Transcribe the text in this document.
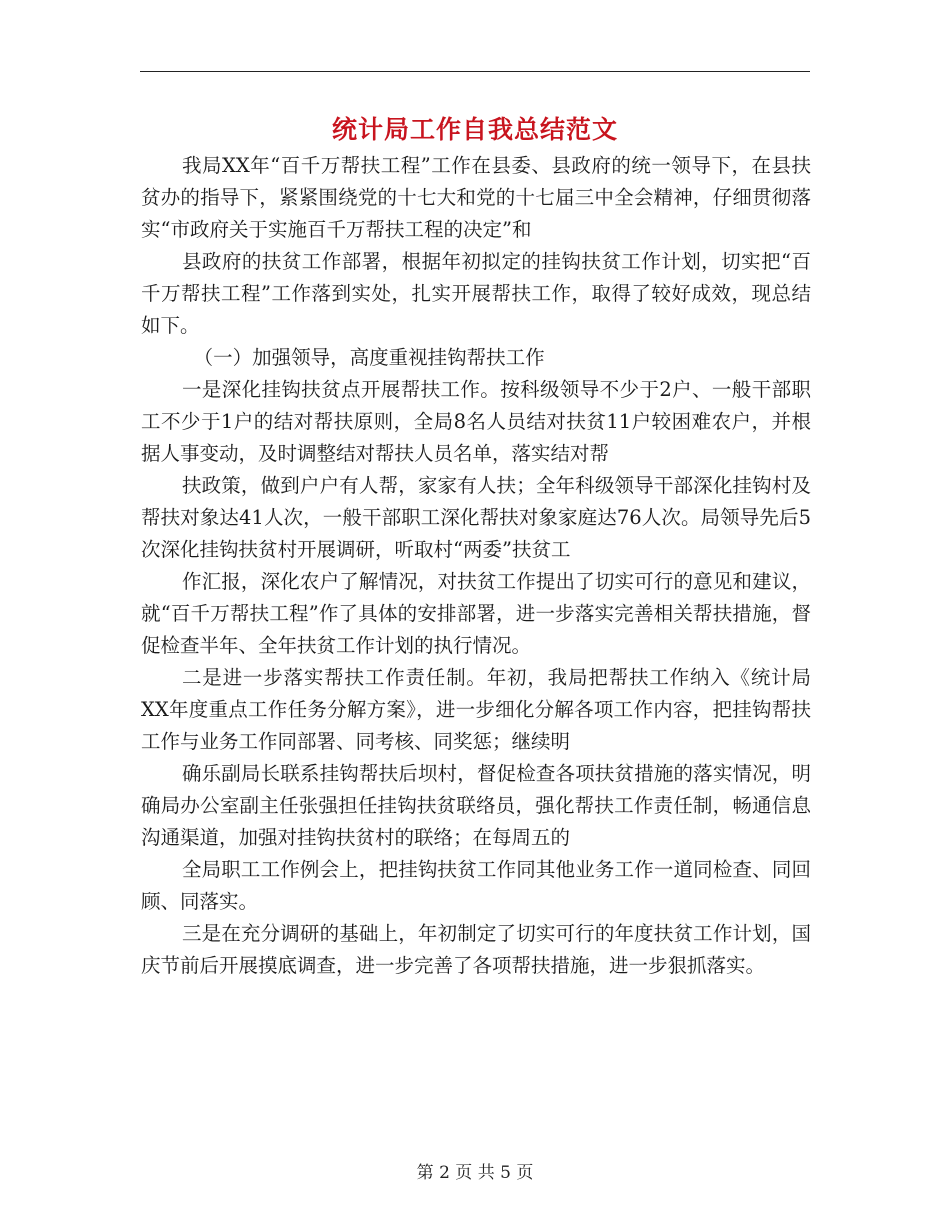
统计局工作自我总结范文

我局XX年“百千万帮扶工程”工作在县委、县政府的统一领导下，在县扶贫办的指导下，紧紧围绕党的十七大和党的十七届三中全会精神，仔细贯彻落实“市政府关于实施百千万帮扶工程的决定”和

县政府的扶贫工作部署，根据年初拟定的挂钩扶贫工作计划，切实把“百千万帮扶工程”工作落到实处，扎实开展帮扶工作，取得了较好成效，现总结如下。

（一）加强领导，高度重视挂钩帮扶工作

一是深化挂钩扶贫点开展帮扶工作。按科级领导不少于2户、一般干部职工不少于1户的结对帮扶原则，全局8名人员结对扶贫11户较困难农户，并根据人事变动，及时调整结对帮扶人员名单，落实结对帮

扶政策，做到户户有人帮，家家有人扶；全年科级领导干部深化挂钩村及帮扶对象达41人次，一般干部职工深化帮扶对象家庭达76人次。局领导先后5次深化挂钩扶贫村开展调研，听取村“两委”扶贫工

作汇报，深化农户了解情况，对扶贫工作提出了切实可行的意见和建议，就“百千万帮扶工程”作了具体的安排部署，进一步落实完善相关帮扶措施，督促检查半年、全年扶贫工作计划的执行情况。

二是进一步落实帮扶工作责任制。年初，我局把帮扶工作纳入《统计局XX年度重点工作任务分解方案》，进一步细化分解各项工作内容，把挂钩帮扶工作与业务工作同部署、同考核、同奖惩；继续明

确乐副局长联系挂钩帮扶后坝村，督促检查各项扶贫措施的落实情况，明确局办公室副主任张强担任挂钩扶贫联络员，强化帮扶工作责任制，畅通信息沟通渠道，加强对挂钩扶贫村的联络；在每周五的

全局职工工作例会上，把挂钩扶贫工作同其他业务工作一道同检查、同回顾、同落实。

三是在充分调研的基础上，年初制定了切实可行的年度扶贫工作计划，国庆节前后开展摸底调查，进一步完善了各项帮扶措施，进一步狠抓落实。

第 2 页 共 5 页
